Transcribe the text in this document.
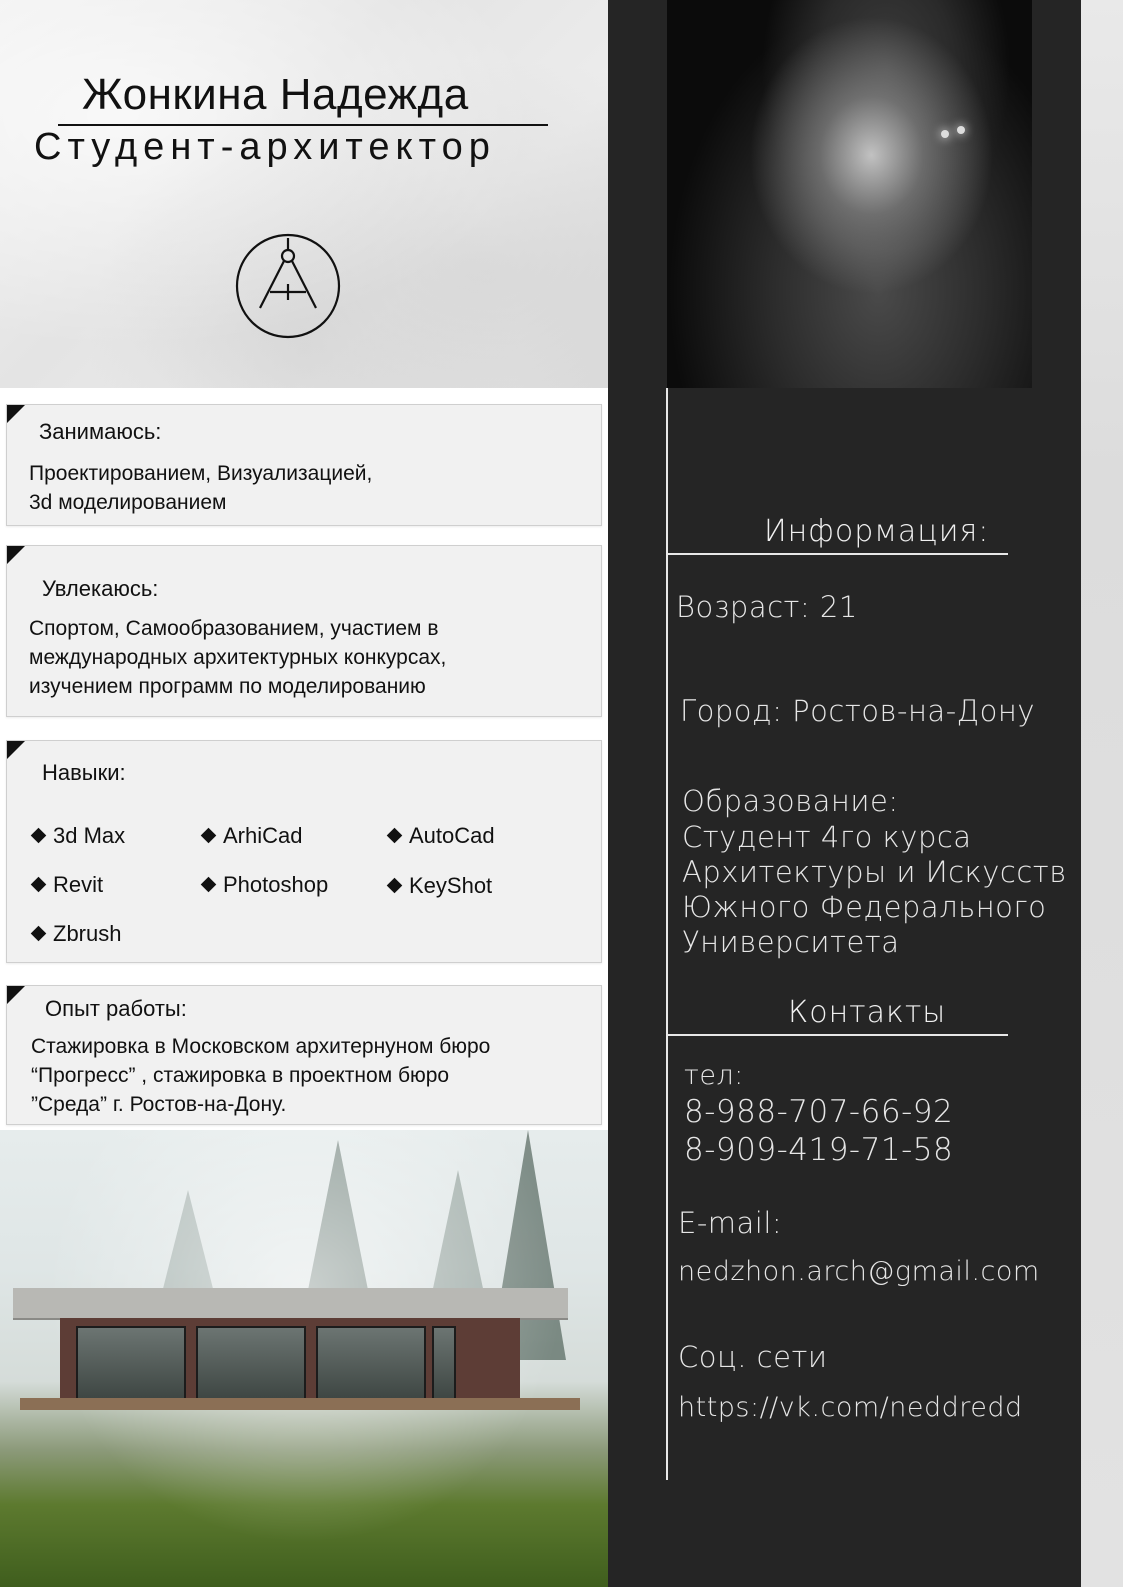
Жонкина Надежда
Студент-архитектор
Информация:
Возраст: 21
Город: Ростов-на-Дону
Образование:
Студент 4го курса
Архитектуры и Искусств
Южного Федерального
Университета
Контакты
тел:
8-988-707-66-92
8-909-419-71-58
E-mail:
nedzhon.arch@gmail.com
Соц. сети
https://vk.com/neddredd
Занимаюсь:
Проектированием, Визуализацией,
3d моделированием
Увлекаюсь:
Спортом, Самообразованием, участием в
международных архитектурных конкурсах,
изучением программ по моделированию
Навыки:
3d Max	ArhiCad	AutoCad
Revit	Photoshop	KeyShot
Zbrush
Опыт работы:
Стажировка в Московском архитернуном бюро
“Прогресс” , стажировка в проектном бюро
”Среда” г. Ростов-на-Дону.
